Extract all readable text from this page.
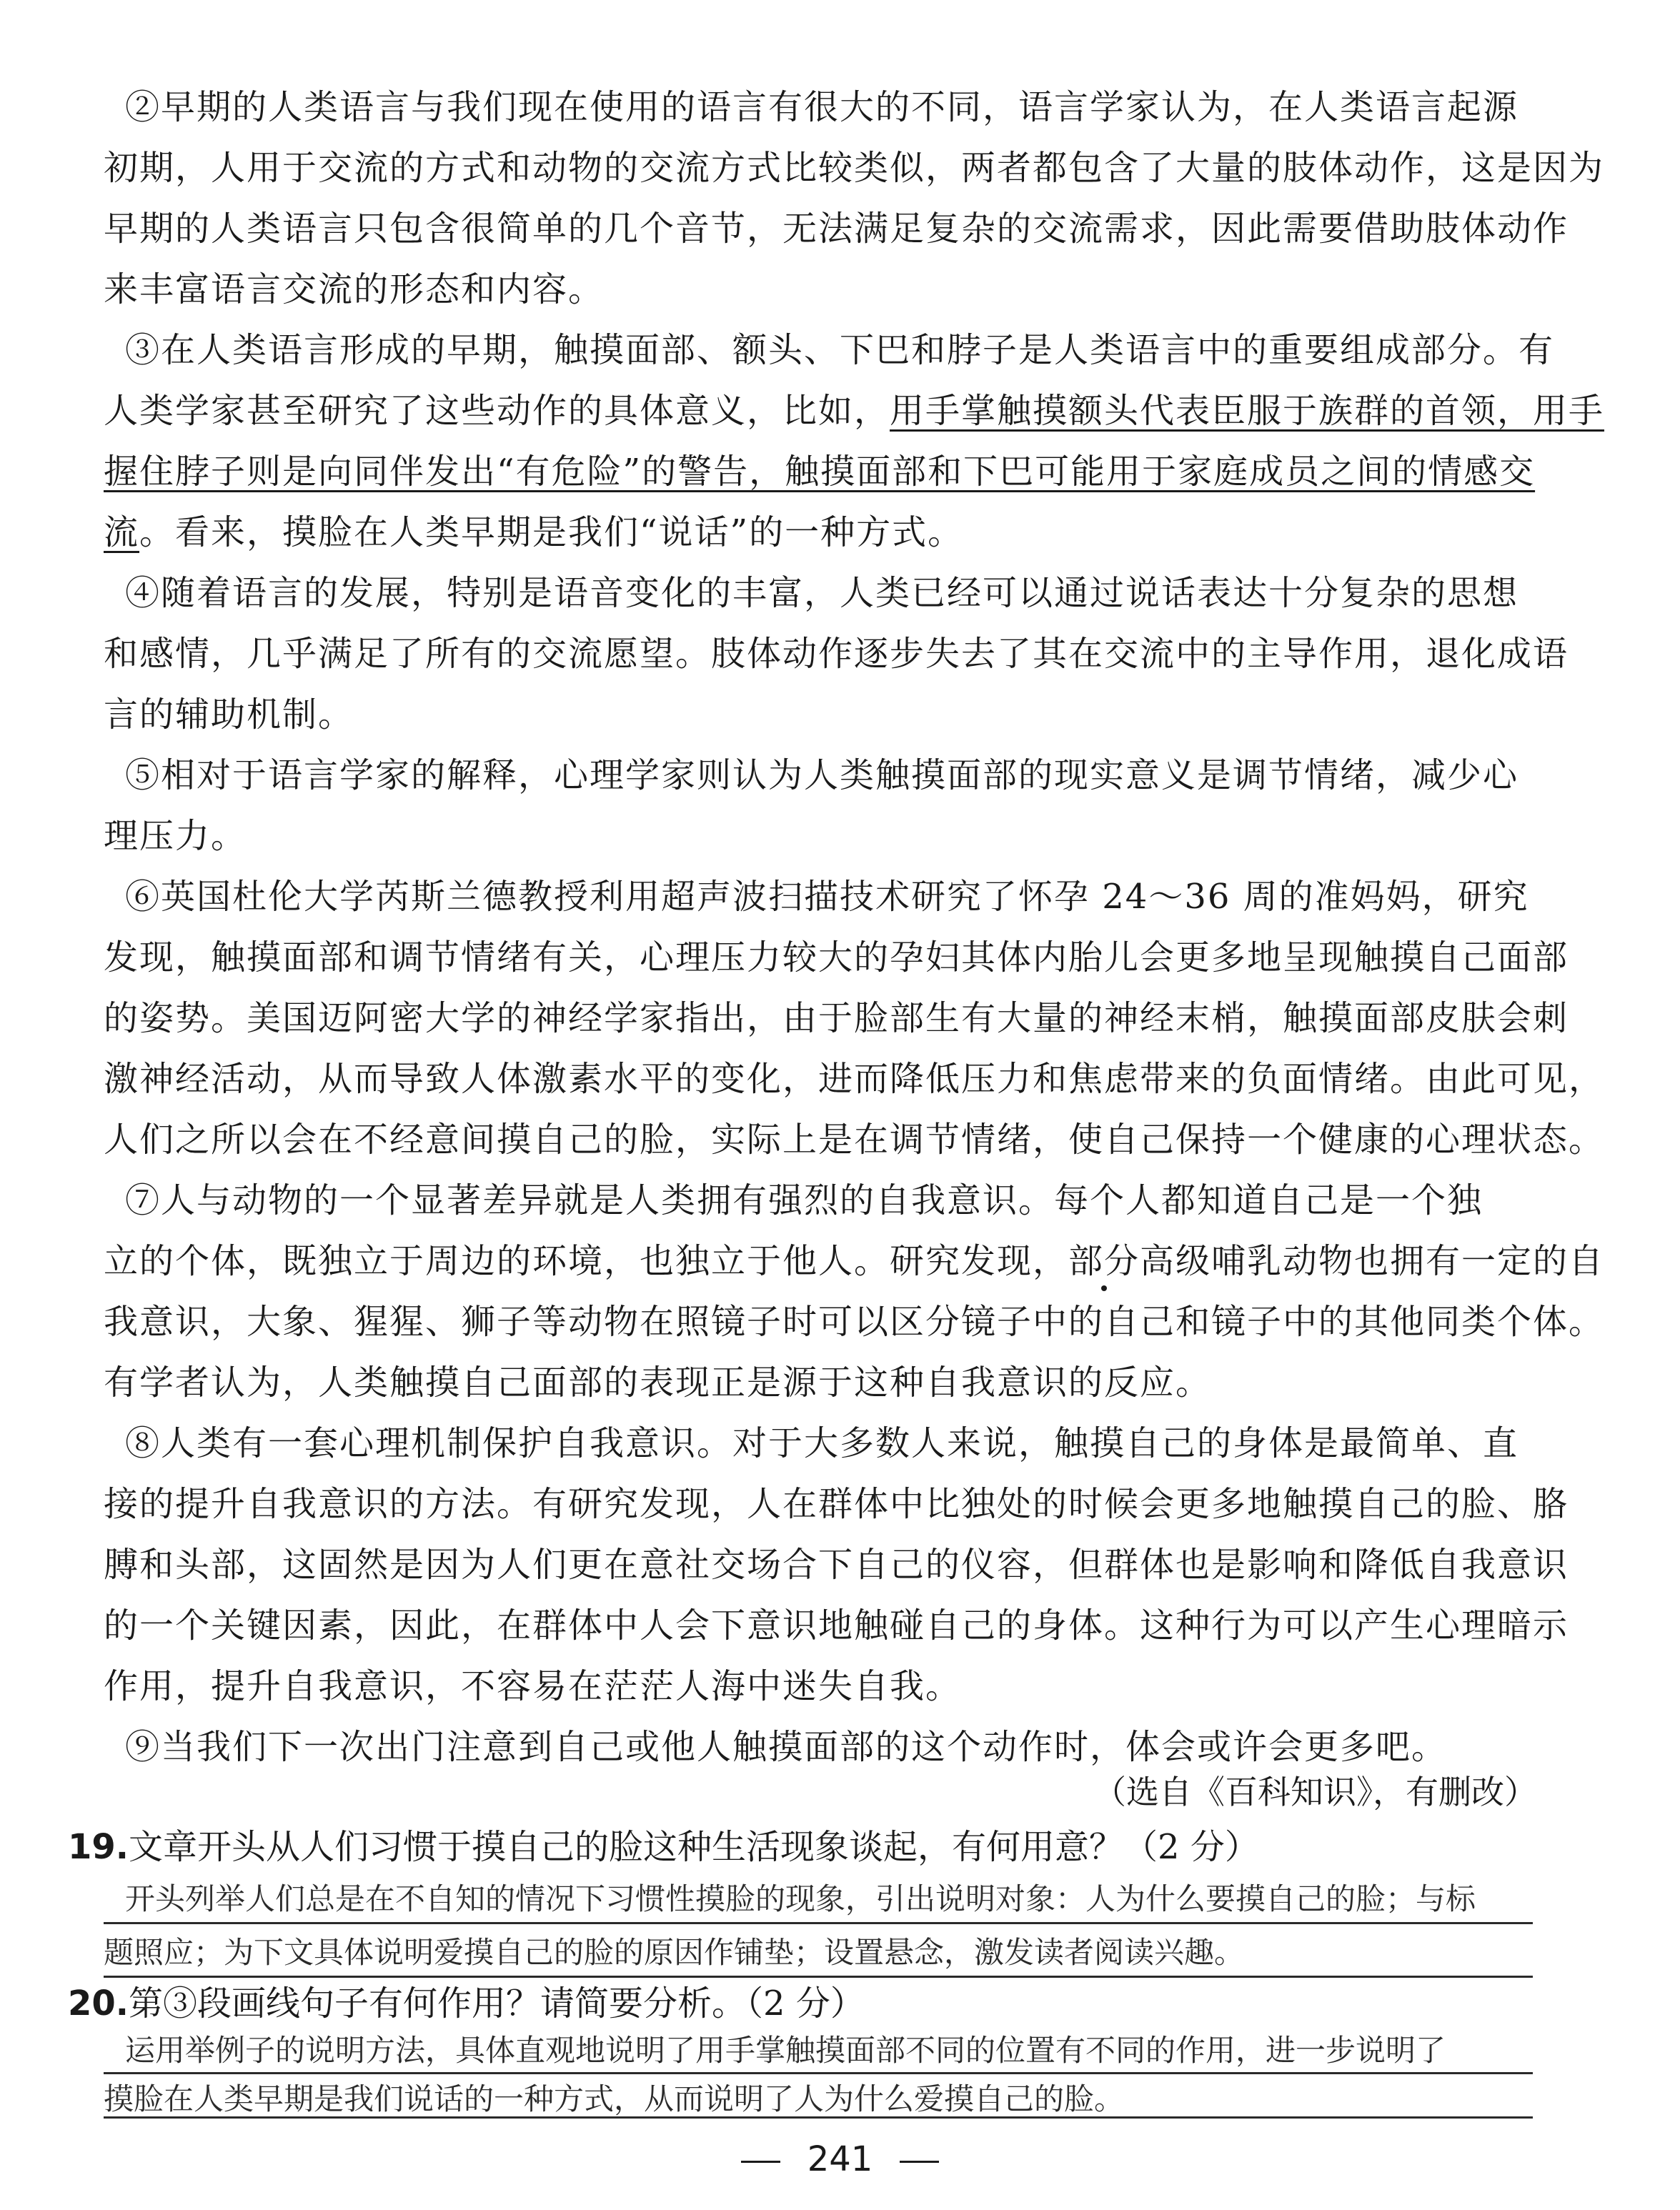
②早期的人类语言与我们现在使用的语言有很大的不同，语言学家认为，在人类语言起源
初期，人用于交流的方式和动物的交流方式比较类似，两者都包含了大量的肢体动作，这是因为
早期的人类语言只包含很简单的几个音节，无法满足复杂的交流需求，因此需要借助肢体动作
来丰富语言交流的形态和内容。
③在人类语言形成的早期，触摸面部、额头、下巴和脖子是人类语言中的重要组成部分。有
人类学家甚至研究了这些动作的具体意义，比如，用手掌触摸额头代表臣服于族群的首领，用手
握住脖子则是向同伴发出“有危险”的警告，触摸面部和下巴可能用于家庭成员之间的情感交
流。看来，摸脸在人类早期是我们“说话”的一种方式。
④随着语言的发展，特别是语音变化的丰富，人类已经可以通过说话表达十分复杂的思想
和感情，几乎满足了所有的交流愿望。肢体动作逐步失去了其在交流中的主导作用，退化成语
言的辅助机制。
⑤相对于语言学家的解释，心理学家则认为人类触摸面部的现实意义是调节情绪，减少心
理压力。
⑥英国杜伦大学芮斯兰德教授利用超声波扫描技术研究了怀孕 24～36 周的准妈妈，研究
发现，触摸面部和调节情绪有关，心理压力较大的孕妇其体内胎儿会更多地呈现触摸自己面部
的姿势。美国迈阿密大学的神经学家指出，由于脸部生有大量的神经末梢，触摸面部皮肤会刺
激神经活动，从而导致人体激素水平的变化，进而降低压力和焦虑带来的负面情绪。由此可见，
人们之所以会在不经意间摸自己的脸，实际上是在调节情绪，使自己保持一个健康的心理状态。
⑦人与动物的一个显著差异就是人类拥有强烈的自我意识。每个人都知道自己是一个独
立的个体，既独立于周边的环境，也独立于他人。研究发现，部分高级哺乳动物也拥有一定的自
我意识，大象、猩猩、狮子等动物在照镜子时可以区分镜子中的自己和镜子中的其他同类个体。
有学者认为，人类触摸自己面部的表现正是源于这种自我意识的反应。
⑧人类有一套心理机制保护自我意识。对于大多数人来说，触摸自己的身体是最简单、直
接的提升自我意识的方法。有研究发现，人在群体中比独处的时候会更多地触摸自己的脸、胳
膊和头部，这固然是因为人们更在意社交场合下自己的仪容，但群体也是影响和降低自我意识
的一个关键因素，因此，在群体中人会下意识地触碰自己的身体。这种行为可以产生心理暗示
作用，提升自我意识，不容易在茫茫人海中迷失自我。
⑨当我们下一次出门注意到自己或他人触摸面部的这个动作时，体会或许会更多吧。
（选自《百科知识》，有删改）
19.文章开头从人们习惯于摸自己的脸这种生活现象谈起，有何用意？（2 分）
开头列举人们总是在不自知的情况下习惯性摸脸的现象，引出说明对象：人为什么要摸自己的脸；与标
题照应；为下文具体说明爱摸自己的脸的原因作铺垫；设置悬念，激发读者阅读兴趣。
20.第③段画线句子有何作用？请简要分析。（2 分）
运用举例子的说明方法，具体直观地说明了用手掌触摸面部不同的位置有不同的作用，进一步说明了
摸脸在人类早期是我们说话的一种方式，从而说明了人为什么爱摸自己的脸。
241
